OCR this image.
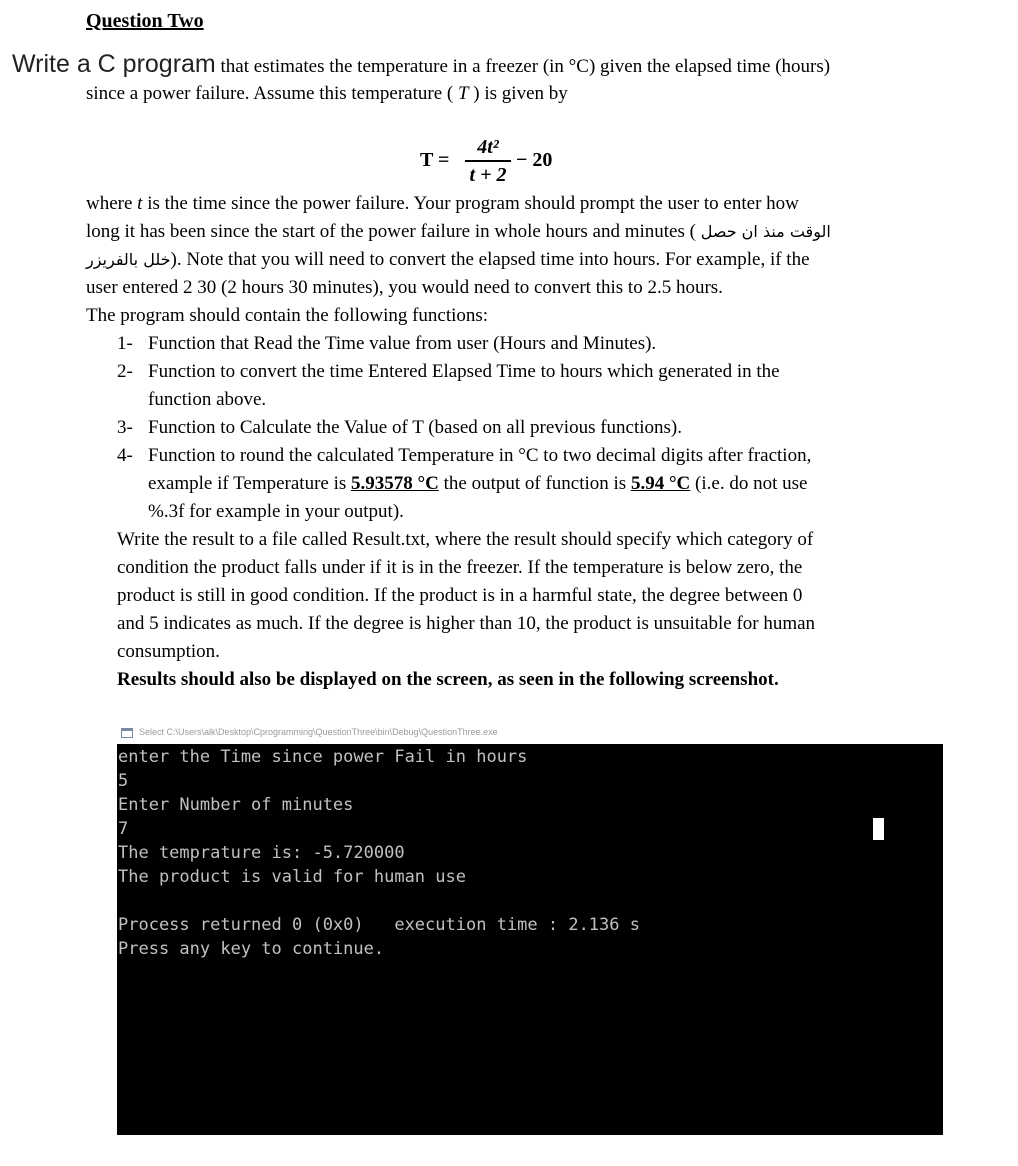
Question Two
Write a C program that estimates the temperature in a freezer (in °C) given the elapsed time (hours)
since a power failure. Assume this temperature ( T ) is given by
T =
4t²
t + 2
− 20
where t is the time since the power failure. Your program should prompt the user to enter how
long it has been since the start of the power failure in whole hours and minutes ( الوقت منذ ان حصل
خلل بالفريزر). Note that you will need to convert the elapsed time into hours. For example, if the
user entered 2 30 (2 hours 30 minutes), you would need to convert this to 2.5 hours.
The program should contain the following functions:
1- Function that Read the Time value from user (Hours and Minutes).
2- Function to convert the time Entered Elapsed Time to hours which generated in the
function above.
3- Function to Calculate the Value of T (based on all previous functions).
4- Function to round the calculated Temperature in °C to two decimal digits after fraction,
example if Temperature is 5.93578 °C the output of function is 5.94 °C (i.e. do not use
%.3f for example in your output).
Write the result to a file called Result.txt, where the result should specify which category of
condition the product falls under if it is in the freezer. If the temperature is below zero, the
product is still in good condition. If the product is in a harmful state, the degree between 0
and 5 indicates as much. If the degree is higher than 10, the product is unsuitable for human
consumption.
Results should also be displayed on the screen, as seen in the following screenshot.
Select C:\Users\alk\Desktop\Cprogramming\QuestionThree\bin\Debug\QuestionThree.exe
enter the Time since power Fail in hours
5
Enter Number of minutes
7
The temprature is: -5.720000
The product is valid for human use
Process returned 0 (0x0)   execution time : 2.136 s
Press any key to continue.
